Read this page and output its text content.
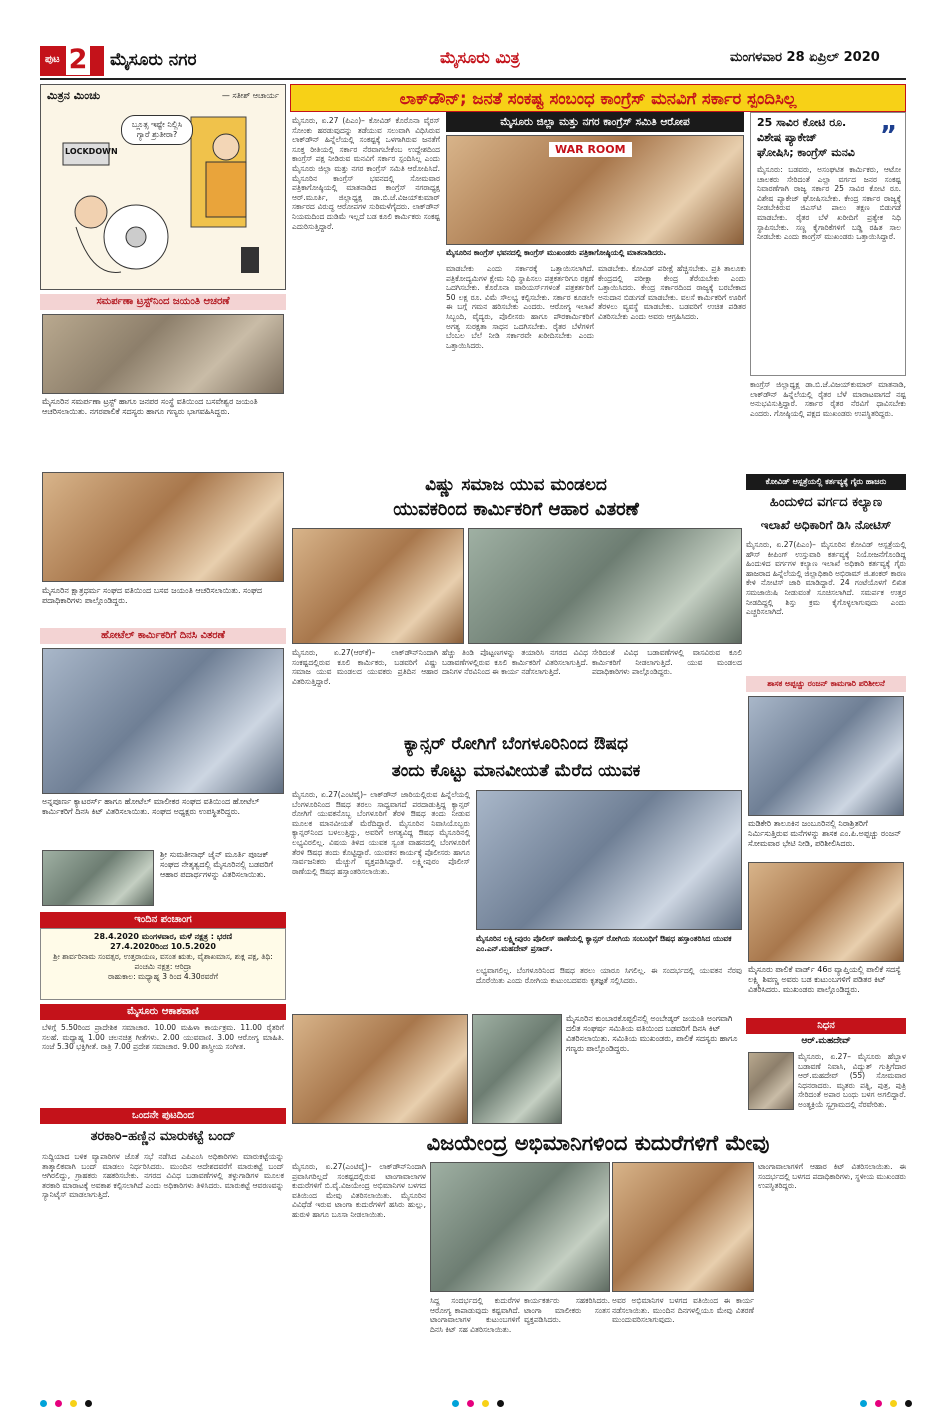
ಪುಟ 2 ಮೈಸೂರು ನಗರ	ಮೈಸೂರು ಮಿತ್ರ	ಮಂಗಳವಾರ 28 ಏಪ್ರಿಲ್ 2020
ಮಿತ್ರನ ಮಿಂಚು	— ಸತೀಶ್ ಆಚಾರ್ಯ
ಬ್ಲೂತ್ಸ ಇಷ್ಟೇ ನಿಲ್ಲಿಸಿ ಗ್ಯಾರೆ ಶ್ರುತೀರಾ?
LOCKDOWN
ಸಮರ್ಪಣಾ ಟ್ರಸ್ಟ್‌ನಿಂದ ಜಯಂತಿ ಆಚರಣೆ
ಮೈಸೂರಿನ ಸಮರ್ಪಣಾ ಟ್ರಸ್ಟ್ ಹಾಗೂ ಜನಪರ ಸಂಸ್ಥೆ ವತಿಯಿಂದ ಬಸವೇಶ್ವರ ಜಯಂತಿ ಆಚರಿಸಲಾಯಿತು. ನಗರಪಾಲಿಕೆ ಸದಸ್ಯರು ಹಾಗೂ ಗಣ್ಯರು ಭಾಗವಹಿಸಿದ್ದರು.
ಮೈಸೂರಿನ ಕ್ಷಾತ್ರಧರ್ಮ ಸಂಘದ ವತಿಯಿಂದ ಬಸವ ಜಯಂತಿ ಆಚರಿಸಲಾಯಿತು. ಸಂಘದ ಪದಾಧಿಕಾರಿಗಳು ಪಾಲ್ಗೊಂಡಿದ್ದರು.
ಹೋಟೆಲ್ ಕಾರ್ಮಿಕರಿಗೆ ದಿನಸಿ ವಿತರಣೆ
ಅನ್ನಪೂರ್ಣ ಕ್ಯಾಟರರ್ಸ್ ಹಾಗೂ ಹೋಟೆಲ್ ಮಾಲೀಕರ ಸಂಘದ ವತಿಯಿಂದ ಹೋಟೆಲ್ ಕಾರ್ಮಿಕರಿಗೆ ದಿನಸಿ ಕಿಟ್ ವಿತರಿಸಲಾಯಿತು. ಸಂಘದ ಅಧ್ಯಕ್ಷರು ಉಪಸ್ಥಿತರಿದ್ದರು.
ಶ್ರೀ ಸುಮತೀನಾಥ್ ಜೈನ್ ಮೂರ್ತಿ ಪೂಜಕ್ ಸಂಘದ ನೇತೃತ್ವದಲ್ಲಿ ಮೈಸೂರಿನಲ್ಲಿ ಬಡವರಿಗೆ ಆಹಾರ ಪದಾರ್ಥಗಳನ್ನು ವಿತರಿಸಲಾಯಿತು.
ಇಂದಿನ ಪಂಚಾಂಗ
28.4.2020 ಮಂಗಳವಾರ, ಮಳೆ ನಕ್ಷತ್ರ : ಭರಣಿ
27.4.2020ರಿಂದ 10.5.2020
ಶ್ರೀ ಶಾರ್ವರಿನಾಮ ಸಂವತ್ಸರ, ಉತ್ತರಾಯಣ, ವಸಂತ ಋತು, ವೈಶಾಖಮಾಸ, ಶುಕ್ಲ ಪಕ್ಷ, ತಿಥಿ: ಪಂಚಮಿ ನಕ್ಷತ್ರ: ಆರಿದ್ರಾ
ರಾಹುಕಾಲ: ಮಧ್ಯಾಹ್ನ 3 ರಿಂದ 4.30ರವರೆಗೆ
ಮೈಸೂರು ಆಕಾಶವಾಣಿ
ಬೆಳಿಗ್ಗೆ 5.50ರಿಂದ ಪ್ರಾದೇಶಿಕ ಸಮಾಚಾರ. 10.00 ಮಹಿಳಾ ಕಾರ್ಯಕ್ರಮ. 11.00 ರೈತರಿಗೆ ಸಲಹೆ. ಮಧ್ಯಾಹ್ನ 1.00 ಚಲನಚಿತ್ರ ಗೀತೆಗಳು. 2.00 ಯುವವಾಣಿ. 3.00 ಆರೋಗ್ಯ ಮಾಹಿತಿ. ಸಂಜೆ 5.30 ಭಕ್ತಿಗೀತೆ. ರಾತ್ರಿ 7.00 ಪ್ರದೇಶ ಸಮಾಚಾರ. 9.00 ಶಾಸ್ತ್ರೀಯ ಸಂಗೀತ.
ಲಾಕ್‌ಡೌನ್; ಜನತೆ ಸಂಕಷ್ಟ ಸಂಬಂಧ ಕಾಂಗ್ರೆಸ್ ಮನವಿಗೆ ಸರ್ಕಾರ ಸ್ಪಂದಿಸಿಲ್ಲ
ಮೈಸೂರು, ಏ.27 (ಪಿಎಂ)– ಕೋವಿಡ್ ಕೊರೊನಾ ವೈರಸ್ ಸೋಂಕು ಹರಡುವುದನ್ನು ತಡೆಯುವ ಸಲುವಾಗಿ ವಿಧಿಸಿರುವ ಲಾಕ್‌ಡೌನ್ ಹಿನ್ನೆಲೆಯಲ್ಲಿ ಸಂಕಷ್ಟಕ್ಕೆ ಒಳಗಾಗಿರುವ ಜನತೆಗೆ ಸೂಕ್ತ ರೀತಿಯಲ್ಲಿ ಸರ್ಕಾರ ನೆರವಾಗಬೇಕೆಂಬ ಉದ್ದೇಶದಿಂದ ಕಾಂಗ್ರೆಸ್ ಪಕ್ಷ ನೀಡಿರುವ ಮನವಿಗೆ ಸರ್ಕಾರ ಸ್ಪಂದಿಸಿಲ್ಲ ಎಂದು ಮೈಸೂರು ಜಿಲ್ಲಾ ಮತ್ತು ನಗರ ಕಾಂಗ್ರೆಸ್ ಸಮಿತಿ ಆರೋಪಿಸಿದೆ. ಮೈಸೂರಿನ ಕಾಂಗ್ರೆಸ್ ಭವನದಲ್ಲಿ ಸೋಮವಾರ ಪತ್ರಿಕಾಗೋಷ್ಠಿಯಲ್ಲಿ ಮಾತನಾಡಿದ ಕಾಂಗ್ರೆಸ್ ನಗರಾಧ್ಯಕ್ಷ ಆರ್.ಮೂರ್ತಿ, ಜಿಲ್ಲಾಧ್ಯಕ್ಷ ಡಾ.ಬಿ.ಜೆ.ವಿಜಯ್‌ಕುಮಾರ್ ಸರ್ಕಾರದ ವಿರುದ್ಧ ಆರೋಪಗಳ ಸುರಿಮಳೆಗೈದರು. ಲಾಕ್‌ಡೌನ್ ನಿಯಮದಿಂದ ದುಡಿಮೆ ಇಲ್ಲದೆ ಬಡ ಕೂಲಿ ಕಾರ್ಮಿಕರು ಸಂಕಷ್ಟ ಎದುರಿಸುತ್ತಿದ್ದಾರೆ.
ಮೈಸೂರು ಜಿಲ್ಲಾ ಮತ್ತು ನಗರ ಕಾಂಗ್ರೆಸ್ ಸಮಿತಿ ಆರೋಪ
WAR ROOM
ಮೈಸೂರಿನ ಕಾಂಗ್ರೆಸ್ ಭವನದಲ್ಲಿ ಕಾಂಗ್ರೆಸ್ ಮುಖಂಡರು ಪತ್ರಿಕಾಗೋಷ್ಠಿಯಲ್ಲಿ ಮಾತನಾಡಿದರು.
ಮಾಡಬೇಕು ಎಂದು ಸರ್ಕಾರಕ್ಕೆ ಒತ್ತಾಯಿಸಲಾಗಿದೆ. ಪತ್ರಿಕೋದ್ಯಮಿಗಳ ಕ್ಷೇಮ ನಿಧಿ ಸ್ಥಾಪಿಸಲು ಪತ್ರಕರ್ತರಿಗೂ ರಕ್ಷಣೆ ಒದಗಿಸಬೇಕು. ಕೊರೊನಾ ವಾರಿಯರ್ಸ್‌ಗಳಂತೆ ಪತ್ರಕರ್ತರಿಗೆ 50 ಲಕ್ಷ ರೂ. ವಿಮೆ ಸೌಲಭ್ಯ ಕಲ್ಪಿಸಬೇಕು. ಸರ್ಕಾರ ಕೂಡಲೇ ಈ ಬಗ್ಗೆ ಗಮನ ಹರಿಸಬೇಕು ಎಂದರು. ಆರೋಗ್ಯ ಇಲಾಖೆ ಸಿಬ್ಬಂದಿ, ವೈದ್ಯರು, ಪೊಲೀಸರು ಹಾಗೂ ಪೌರಕಾರ್ಮಿಕರಿಗೆ ಅಗತ್ಯ ಸುರಕ್ಷತಾ ಸಾಧನ ಒದಗಿಸಬೇಕು. ರೈತರ ಬೆಳೆಗಳಿಗೆ ಬೆಂಬಲ ಬೆಲೆ ನೀಡಿ ಸರ್ಕಾರವೇ ಖರೀದಿಸಬೇಕು ಎಂದು ಒತ್ತಾಯಿಸಿದರು.
ಮಾಡಬೇಕು. ಕೋವಿಡ್ ಪರೀಕ್ಷೆ ಹೆಚ್ಚಿಸಬೇಕು. ಪ್ರತಿ ತಾಲೂಕು ಕೇಂದ್ರದಲ್ಲಿ ಪರೀಕ್ಷಾ ಕೇಂದ್ರ ತೆರೆಯಬೇಕು ಎಂದು ಒತ್ತಾಯಿಸಿದರು. ಕೇಂದ್ರ ಸರ್ಕಾರದಿಂದ ರಾಜ್ಯಕ್ಕೆ ಬರಬೇಕಾದ ಅನುದಾನ ಬಿಡುಗಡೆ ಮಾಡಬೇಕು. ವಲಸೆ ಕಾರ್ಮಿಕರಿಗೆ ಊರಿಗೆ ತೆರಳಲು ವ್ಯವಸ್ಥೆ ಮಾಡಬೇಕು. ಬಡವರಿಗೆ ಉಚಿತ ಪಡಿತರ ವಿತರಿಸಬೇಕು ಎಂದು ಅವರು ಆಗ್ರಹಿಸಿದರು.
25 ಸಾವಿರ ಕೋಟಿ ರೂ.
ವಿಶೇಷ ಪ್ಯಾಕೇಜ್ ”
ಘೋಷಿಸಿ; ಕಾಂಗ್ರೆಸ್ ಮನವಿ
ಮೈಸೂರು: ಬಡವರು, ಅಸಂಘಟಿತ ಕಾರ್ಮಿಕರು, ಆಟೋ ಚಾಲಕರು ಸೇರಿದಂತೆ ಎಲ್ಲಾ ವರ್ಗದ ಜನರ ಸಂಕಷ್ಟ ನಿವಾರಣೆಗಾಗಿ ರಾಜ್ಯ ಸರ್ಕಾರ 25 ಸಾವಿರ ಕೋಟಿ ರೂ. ವಿಶೇಷ ಪ್ಯಾಕೇಜ್ ಘೋಷಿಸಬೇಕು. ಕೇಂದ್ರ ಸರ್ಕಾರ ರಾಜ್ಯಕ್ಕೆ ನೀಡಬೇಕಿರುವ ಜಿಎಸ್‌ಟಿ ಪಾಲು ತಕ್ಷಣ ಬಿಡುಗಡೆ ಮಾಡಬೇಕು. ರೈತರ ಬೆಳೆ ಖರೀದಿಗೆ ಪ್ರತ್ಯೇಕ ನಿಧಿ ಸ್ಥಾಪಿಸಬೇಕು. ಸಣ್ಣ ಕೈಗಾರಿಕೆಗಳಿಗೆ ಬಡ್ಡಿ ರಹಿತ ಸಾಲ ನೀಡಬೇಕು ಎಂದು ಕಾಂಗ್ರೆಸ್ ಮುಖಂಡರು ಒತ್ತಾಯಿಸಿದ್ದಾರೆ.
ಕಾಂಗ್ರೆಸ್ ಜಿಲ್ಲಾಧ್ಯಕ್ಷ ಡಾ.ಬಿ.ಜೆ.ವಿಜಯ್‌ಕುಮಾರ್ ಮಾತನಾಡಿ, ಲಾಕ್‌ಡೌನ್ ಹಿನ್ನೆಲೆಯಲ್ಲಿ ರೈತರ ಬೆಳೆ ಮಾರಾಟವಾಗದೆ ನಷ್ಟ ಅನುಭವಿಸುತ್ತಿದ್ದಾರೆ. ಸರ್ಕಾರ ರೈತರ ನೆರವಿಗೆ ಧಾವಿಸಬೇಕು ಎಂದರು. ಗೋಷ್ಠಿಯಲ್ಲಿ ಪಕ್ಷದ ಮುಖಂಡರು ಉಪಸ್ಥಿತರಿದ್ದರು.
ವಿಷ್ಣು ಸಮಾಜ ಯುವ ಮಂಡಲದ
ಯುವಕರಿಂದ ಕಾರ್ಮಿಕರಿಗೆ ಆಹಾರ ವಿತರಣೆ
ಮೈಸೂರು, ಏ.27(ಆರ್‌ಕೆ)– ಲಾಕ್‌ಡೌನ್‌ನಿಂದಾಗಿ ಸಂಕಷ್ಟದಲ್ಲಿರುವ ಕೂಲಿ ಕಾರ್ಮಿಕರು, ಬಡವರಿಗೆ ವಿಷ್ಣು ಸಮಾಜ ಯುವ ಮಂಡಲದ ಯುವಕರು ಪ್ರತಿದಿನ ಆಹಾರ ವಿತರಿಸುತ್ತಿದ್ದಾರೆ.
ಹೆಚ್ಚು ತಿಂಡಿ ಪೊಟ್ಟಣಗಳನ್ನು ತಯಾರಿಸಿ ನಗರದ ವಿವಿಧ ಬಡಾವಣೆಗಳಲ್ಲಿರುವ ಕೂಲಿ ಕಾರ್ಮಿಕರಿಗೆ ವಿತರಿಸಲಾಗುತ್ತಿದೆ. ದಾನಿಗಳ ನೆರವಿನಿಂದ ಈ ಕಾರ್ಯ ನಡೆಸಲಾಗುತ್ತಿದೆ.
ಸೇರಿದಂತೆ ವಿವಿಧ ಬಡಾವಣೆಗಳಲ್ಲಿ ವಾಸವಿರುವ ಕೂಲಿ ಕಾರ್ಮಿಕರಿಗೆ ನೀಡಲಾಗುತ್ತಿದೆ. ಯುವ ಮಂಡಲದ ಪದಾಧಿಕಾರಿಗಳು ಪಾಲ್ಗೊಂಡಿದ್ದರು.
ಕ್ಯಾನ್ಸರ್ ರೋಗಿಗೆ ಬೆಂಗಳೂರಿನಿಂದ ಔಷಧ
ತಂದು ಕೊಟ್ಟು ಮಾನವೀಯತೆ ಮೆರೆದ ಯುವಕ
ಮೈಸೂರು, ಏ.27(ಎಂಟಿವೈ)– ಲಾಕ್‌ಡೌನ್ ಜಾರಿಯಲ್ಲಿರುವ ಹಿನ್ನೆಲೆಯಲ್ಲಿ ಬೆಂಗಳೂರಿನಿಂದ ಔಷಧ ತರಲು ಸಾಧ್ಯವಾಗದೆ ಪರದಾಡುತ್ತಿದ್ದ ಕ್ಯಾನ್ಸರ್ ರೋಗಿಗೆ ಯುವಕನೊಬ್ಬ ಬೆಂಗಳೂರಿಗೆ ತೆರಳಿ ಔಷಧ ತಂದು ನೀಡುವ ಮೂಲಕ ಮಾನವೀಯತೆ ಮೆರೆದಿದ್ದಾರೆ. ಮೈಸೂರಿನ ನಿವಾಸಿಯೊಬ್ಬರು ಕ್ಯಾನ್ಸರ್‌ನಿಂದ ಬಳಲುತ್ತಿದ್ದು, ಅವರಿಗೆ ಅಗತ್ಯವಿದ್ದ ಔಷಧ ಮೈಸೂರಿನಲ್ಲಿ ಲಭ್ಯವಿರಲಿಲ್ಲ. ವಿಷಯ ತಿಳಿದ ಯುವಕ ಸ್ವಂತ ವಾಹನದಲ್ಲಿ ಬೆಂಗಳೂರಿಗೆ ತೆರಳಿ ಔಷಧ ತಂದು ಕೊಟ್ಟಿದ್ದಾರೆ. ಯುವಕನ ಕಾರ್ಯಕ್ಕೆ ಪೊಲೀಸರು ಹಾಗೂ ಸಾರ್ವಜನಿಕರು ಮೆಚ್ಚುಗೆ ವ್ಯಕ್ತಪಡಿಸಿದ್ದಾರೆ. ಲಕ್ಷ್ಮೀಪುರಂ ಪೊಲೀಸ್ ಠಾಣೆಯಲ್ಲಿ ಔಷಧ ಹಸ್ತಾಂತರಿಸಲಾಯಿತು.
ಮೈಸೂರಿನ ಲಕ್ಷ್ಮೀಪುರಂ ಪೊಲೀಸ್ ಠಾಣೆಯಲ್ಲಿ ಕ್ಯಾನ್ಸರ್ ರೋಗಿಯ ಸಂಬಂಧಿಗೆ ಔಷಧ ಹಸ್ತಾಂತರಿಸಿದ ಯುವಕ ಎಂ.ಎನ್.ಮಹದೇವ್ ಪ್ರಸಾದ್.
ಲಭ್ಯವಾಗಲಿಲ್ಲ. ಬೆಂಗಳೂರಿನಿಂದ ಔಷಧ ತರಲು ಯಾರೂ ಸಿಗಲಿಲ್ಲ. ಈ ಸಂದರ್ಭದಲ್ಲಿ ಯುವಕನ ನೆರವು ದೊರೆಯಿತು ಎಂದು ರೋಗಿಯ ಕುಟುಂಬದವರು ಕೃತಜ್ಞತೆ ಸಲ್ಲಿಸಿದರು.
ಮೈಸೂರಿನ ಕುಂಬಾರಕೊಪ್ಪಲಿನಲ್ಲಿ ಅಂಬೇಡ್ಕರ್ ಜಯಂತಿ ಅಂಗವಾಗಿ ದಲಿತ ಸಂಘರ್ಷ ಸಮಿತಿಯ ವತಿಯಿಂದ ಬಡವರಿಗೆ ದಿನಸಿ ಕಿಟ್ ವಿತರಿಸಲಾಯಿತು. ಸಮಿತಿಯ ಮುಖಂಡರು, ಪಾಲಿಕೆ ಸದಸ್ಯರು ಹಾಗೂ ಗಣ್ಯರು ಪಾಲ್ಗೊಂಡಿದ್ದರು.
ಕೋವಿಡ್ ಆಸ್ಪತ್ರೆಯಲ್ಲಿ ಕರ್ತವ್ಯಕ್ಕೆ ಗೈರು ಹಾಜರು
ಹಿಂದುಳಿದ ವರ್ಗದ ಕಲ್ಯಾಣ
ಇಲಾಖೆ ಅಧಿಕಾರಿಗೆ ಡಿಸಿ ನೋಟಿಸ್
ಮೈಸೂರು, ಏ.27(ಪಿಎಂ)– ಮೈಸೂರಿನ ಕೋವಿಡ್ ಆಸ್ಪತ್ರೆಯಲ್ಲಿ ಹೌಸ್ ಕೀಪಿಂಗ್ ಉಸ್ತುವಾರಿ ಕರ್ತವ್ಯಕ್ಕೆ ನಿಯೋಜನೆಗೊಂಡಿದ್ದ ಹಿಂದುಳಿದ ವರ್ಗಗಳ ಕಲ್ಯಾಣ ಇಲಾಖೆ ಅಧಿಕಾರಿ ಕರ್ತವ್ಯಕ್ಕೆ ಗೈರು ಹಾಜರಾದ ಹಿನ್ನೆಲೆಯಲ್ಲಿ ಜಿಲ್ಲಾಧಿಕಾರಿ ಅಭಿರಾಮ್ ಜಿ.ಶಂಕರ್ ಕಾರಣ ಕೇಳಿ ನೋಟಿಸ್ ಜಾರಿ ಮಾಡಿದ್ದಾರೆ. 24 ಗಂಟೆಯೊಳಗೆ ಲಿಖಿತ ಸಮಜಾಯಿಷಿ ನೀಡುವಂತೆ ಸೂಚಿಸಲಾಗಿದೆ. ಸಮರ್ಪಕ ಉತ್ತರ ನೀಡದಿದ್ದಲ್ಲಿ ಶಿಸ್ತು ಕ್ರಮ ಕೈಗೊಳ್ಳಲಾಗುವುದು ಎಂದು ಎಚ್ಚರಿಸಲಾಗಿದೆ.
ಶಾಸಕ ಅಪ್ಪಚ್ಚು ರಂಜನ್ ಕಾಮಗಾರಿ ಪರಿಶೀಲನೆ
ಮಡಿಕೇರಿ ತಾಲೂಕಿನ ಜಂಬೂರಿನಲ್ಲಿ ನಿರಾಶ್ರಿತರಿಗೆ ನಿರ್ಮಿಸುತ್ತಿರುವ ಮನೆಗಳನ್ನು ಶಾಸಕ ಎಂ.ಪಿ.ಅಪ್ಪಚ್ಚು ರಂಜನ್ ಸೋಮವಾರ ಭೇಟಿ ನೀಡಿ, ಪರಿಶೀಲಿಸಿದರು.
ಮೈಸೂರು ಪಾಲಿಕೆ ವಾರ್ಡ್ 46ರ ವ್ಯಾಪ್ತಿಯಲ್ಲಿ ಪಾಲಿಕೆ ಸದಸ್ಯೆ ಲಕ್ಷ್ಮಿ ಶಿವಣ್ಣ ಅವರು ಬಡ ಕುಟುಂಬಗಳಿಗೆ ಪಡಿತರ ಕಿಟ್ ವಿತರಿಸಿದರು. ಮುಖಂಡರು ಪಾಲ್ಗೊಂಡಿದ್ದರು.
ನಿಧನ
ಆರ್.ಮಹದೇವ್
ಮೈಸೂರು, ಏ.27– ಮೈಸೂರು ಹೆಬ್ಬಾಳ ಬಡಾವಣೆ ನಿವಾಸಿ, ವಿದ್ಯುತ್ ಗುತ್ತಿಗೆದಾರ ಆರ್.ಮಹದೇವ್ (55) ಸೋಮವಾರ ನಿಧನರಾದರು. ಮೃತರು ಪತ್ನಿ, ಪುತ್ರ, ಪುತ್ರಿ ಸೇರಿದಂತೆ ಅಪಾರ ಬಂಧು ಬಳಗ ಅಗಲಿದ್ದಾರೆ. ಅಂತ್ಯಕ್ರಿಯೆ ಸ್ವಗ್ರಾಮದಲ್ಲಿ ನೆರವೇರಿತು.
ಒಂದನೇ ಪುಟದಿಂದ
ತರಕಾರಿ–ಹಣ್ಣಿನ ಮಾರುಕಟ್ಟೆ ಬಂದ್
ಸುದ್ದಿಯಾದ ಬಳಿಕ ವ್ಯಾಪಾರಿಗಳ ಜೊತೆ ಸಭೆ ನಡೆಸಿದ ಎಪಿಎಂಸಿ ಅಧಿಕಾರಿಗಳು ಮಾರುಕಟ್ಟೆಯನ್ನು ತಾತ್ಕಾಲಿಕವಾಗಿ ಬಂದ್ ಮಾಡಲು ನಿರ್ಧರಿಸಿದರು. ಮುಂದಿನ ಆದೇಶದವರೆಗೆ ಮಾರುಕಟ್ಟೆ ಬಂದ್ ಆಗಿರಲಿದ್ದು, ಗ್ರಾಹಕರು ಸಹಕರಿಸಬೇಕು. ನಗರದ ವಿವಿಧ ಬಡಾವಣೆಗಳಲ್ಲಿ ತಳ್ಳುಗಾಡಿಗಳ ಮೂಲಕ ತರಕಾರಿ ಮಾರಾಟಕ್ಕೆ ಅವಕಾಶ ಕಲ್ಪಿಸಲಾಗಿದೆ ಎಂದು ಅಧಿಕಾರಿಗಳು ತಿಳಿಸಿದರು. ಮಾರುಕಟ್ಟೆ ಆವರಣವನ್ನು ಸ್ಯಾನಿಟೈಸ್ ಮಾಡಲಾಗುತ್ತಿದೆ.
ವಿಜಯೇಂದ್ರ ಅಭಿಮಾನಿಗಳಿಂದ ಕುದುರೆಗಳಿಗೆ ಮೇವು
ಮೈಸೂರು, ಏ.27(ಎಂಟಿವೈ)– ಲಾಕ್‌ಡೌನ್‌ನಿಂದಾಗಿ ಪ್ರವಾಸಿಗರಿಲ್ಲದೆ ಸಂಕಷ್ಟದಲ್ಲಿರುವ ಟಾಂಗಾವಾಲಾಗಳ ಕುದುರೆಗಳಿಗೆ ಬಿ.ವೈ.ವಿಜಯೇಂದ್ರ ಅಭಿಮಾನಿಗಳ ಬಳಗದ ವತಿಯಿಂದ ಮೇವು ವಿತರಿಸಲಾಯಿತು. ಮೈಸೂರಿನ ವಿವಿಧೆಡೆ ಇರುವ ಟಾಂಗಾ ಕುದುರೆಗಳಿಗೆ ಹಸಿರು ಹುಲ್ಲು, ಹುರುಳಿ ಹಾಗೂ ಬೂಸಾ ನೀಡಲಾಯಿತು.
ಸಿದ್ದ ಸಂದರ್ಭದಲ್ಲಿ ಕುದುರೆಗಳ ಆರೋಗ್ಯ ಕಾಪಾಡುವುದು ಕಷ್ಟವಾಗಿದೆ. ಟಾಂಗಾವಾಲಾಗಳ ಕುಟುಂಬಗಳಿಗೆ ದಿನಸಿ ಕಿಟ್ ಸಹ ವಿತರಿಸಲಾಯಿತು.
ಕಾರ್ಯಕರ್ತರು ಸಹಕರಿಸಿದರು. ಟಾಂಗಾ ಮಾಲೀಕರು ಸಂತಸ ವ್ಯಕ್ತಪಡಿಸಿದರು.
ಅವರ ಅಭಿಮಾನಿಗಳ ಬಳಗದ ವತಿಯಿಂದ ಈ ಕಾರ್ಯ ನಡೆಸಲಾಯಿತು. ಮುಂದಿನ ದಿನಗಳಲ್ಲಿಯೂ ಮೇವು ವಿತರಣೆ ಮುಂದುವರಿಸಲಾಗುವುದು.
ಟಾಂಗಾವಾಲಾಗಳಿಗೆ ಆಹಾರ ಕಿಟ್ ವಿತರಿಸಲಾಯಿತು. ಈ ಸಂದರ್ಭದಲ್ಲಿ ಬಳಗದ ಪದಾಧಿಕಾರಿಗಳು, ಸ್ಥಳೀಯ ಮುಖಂಡರು ಉಪಸ್ಥಿತರಿದ್ದರು.
